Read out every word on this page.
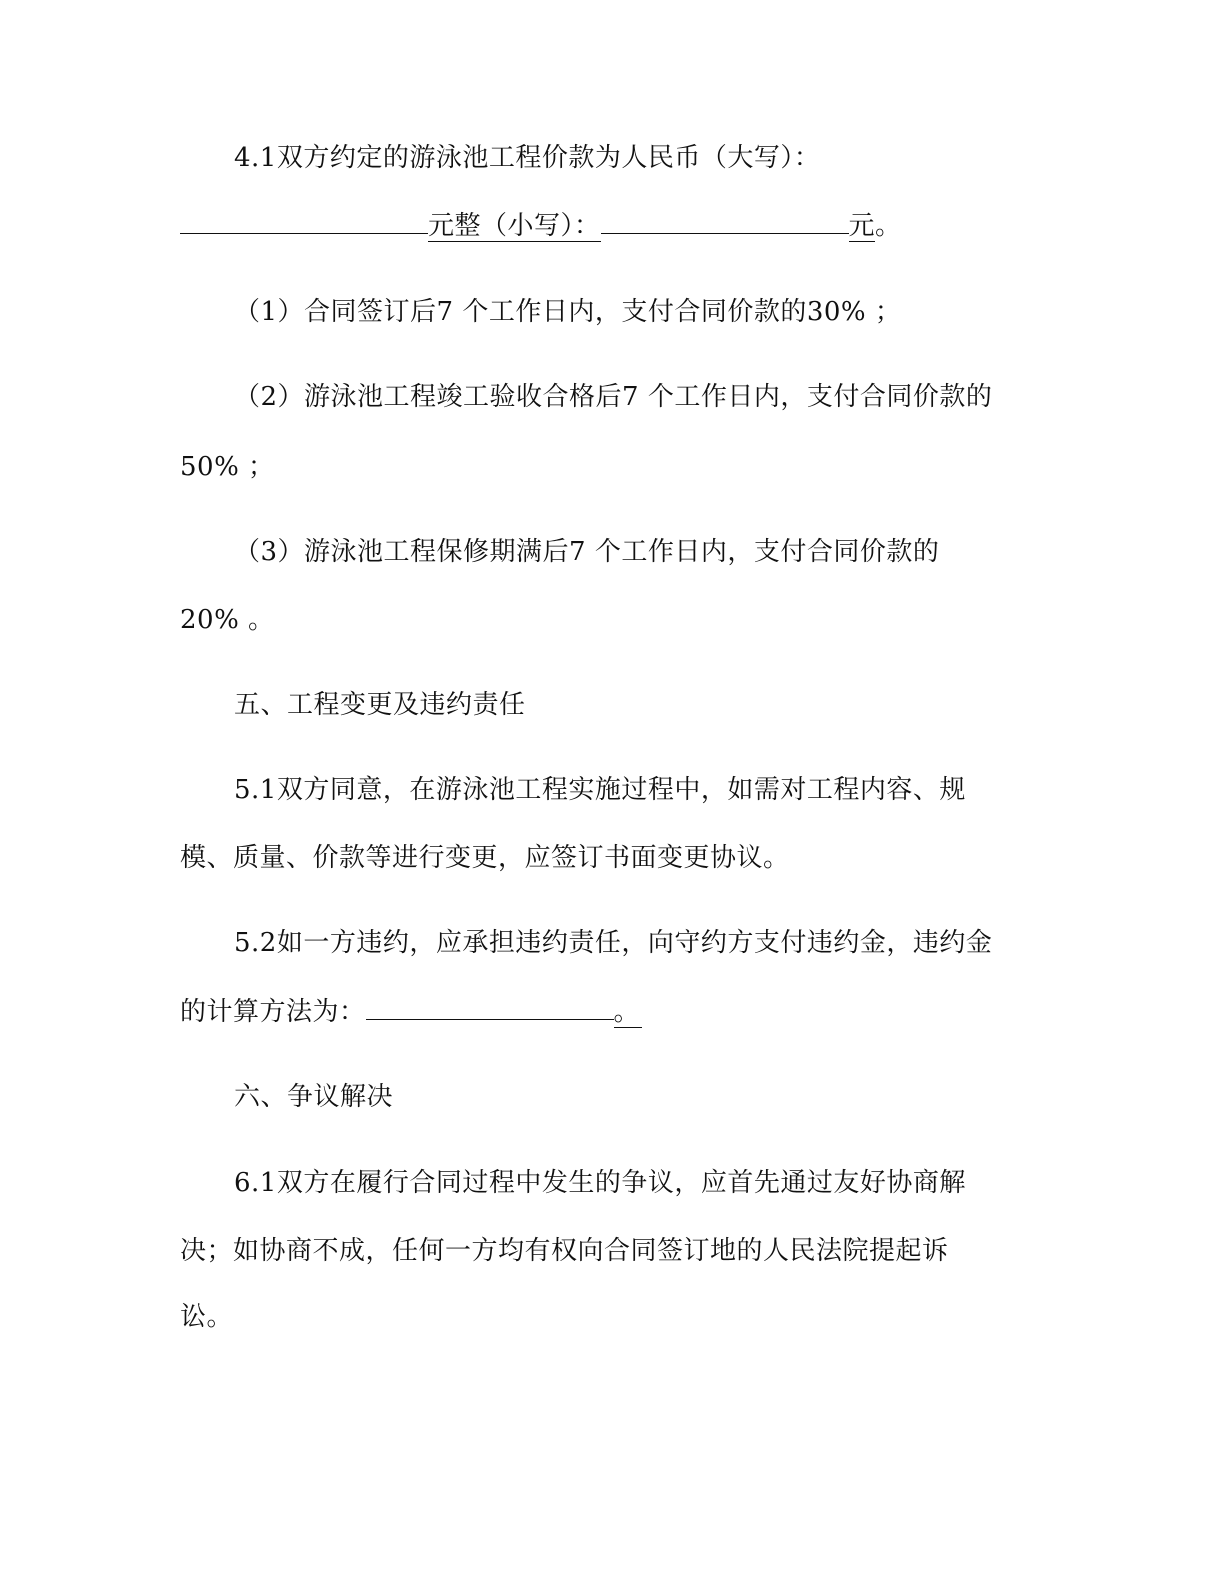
4.1双方约定的游泳池工程价款为人民币（大写）：
元整（小写）：	元。
（1）合同签订后7 个工作日内，支付合同价款的30% ；
（2）游泳池工程竣工验收合格后7 个工作日内，支付合同价款的
50% ；
（3）游泳池工程保修期满后7 个工作日内，支付合同价款的
20% 。
五、工程变更及违约责任
5.1双方同意，在游泳池工程实施过程中，如需对工程内容、规
模、质量、价款等进行变更，应签订书面变更协议。
5.2如一方违约，应承担违约责任，向守约方支付违约金，违约金
的计算方法为：	。
六、争议解决
6.1双方在履行合同过程中发生的争议，应首先通过友好协商解
决；如协商不成，任何一方均有权向合同签订地的人民法院提起诉
讼。
